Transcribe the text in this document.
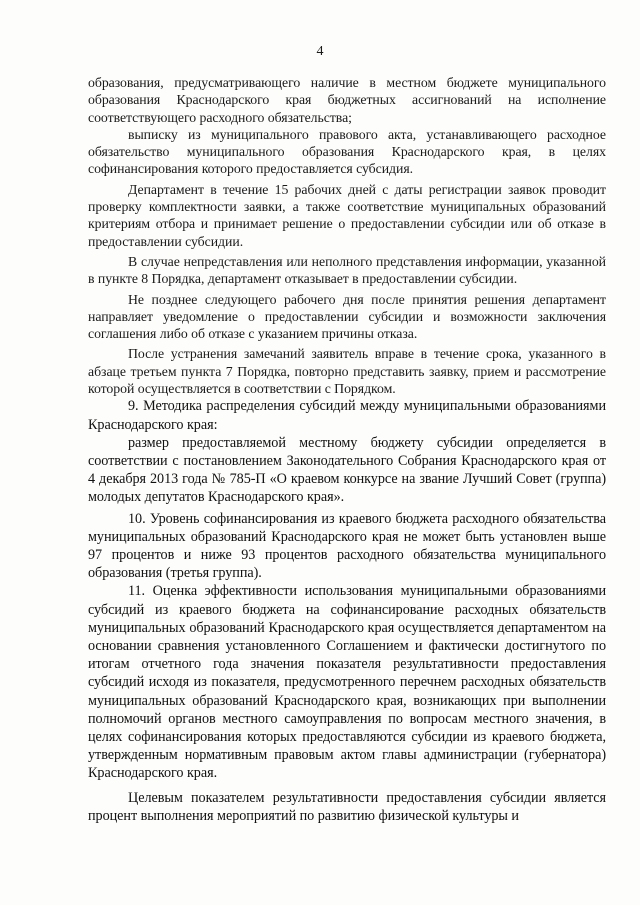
4

образования, предусматривающего наличие в местном бюджете муниципального образования Краснодарского края бюджетных ассигнований на исполнение соответствующего расходного обязательства;

выписку из муниципального правового акта, устанавливающего расходное обязательство муниципального образования Краснодарского края, в целях софинансирования которого предоставляется субсидия.

Департамент в течение 15 рабочих дней с даты регистрации заявок проводит проверку комплектности заявки, а также соответствие муниципальных образований критериям отбора и принимает решение о предоставлении субсидии или об отказе в предоставлении субсидии.

В случае непредставления или неполного представления информации, указанной в пункте 8 Порядка, департамент отказывает в предоставлении субсидии.

Не позднее следующего рабочего дня после принятия решения департамент направляет уведомление о предоставлении субсидии и возможности заключения соглашения либо об отказе с указанием причины отказа.

После устранения замечаний заявитель вправе в течение срока, указанного в абзаце третьем пункта 7 Порядка, повторно представить заявку, прием и рассмотрение которой осуществляется в соответствии с Порядком.

9. Методика распределения субсидий между муниципальными образованиями Краснодарского края:

размер предоставляемой местному бюджету субсидии определяется в соответствии с постановлением Законодательного Собрания Краснодарского края от 4 декабря 2013 года № 785-П «О краевом конкурсе на звание Лучший Совет (группа) молодых депутатов Краснодарского края».

10. Уровень софинансирования из краевого бюджета расходного обязательства муниципальных образований Краснодарского края не может быть установлен выше 97 процентов и ниже 93 процентов расходного обязательства муниципального образования (третья группа).

11. Оценка эффективности использования муниципальными образованиями субсидий из краевого бюджета на софинансирование расходных обязательств муниципальных образований Краснодарского края осуществляется департаментом на основании сравнения установленного Соглашением и фактически достигнутого по итогам отчетного года значения показателя результативности предоставления субсидий исходя из показателя, предусмотренного перечнем расходных обязательств муниципальных образований Краснодарского края, возникающих при выполнении полномочий органов местного самоуправления по вопросам местного значения, в целях софинансирования которых предоставляются субсидии из краевого бюджета, утвержденным нормативным правовым актом главы администрации (губернатора) Краснодарского края.

Целевым показателем результативности предоставления субсидии является процент выполнения мероприятий по развитию физической культуры и
